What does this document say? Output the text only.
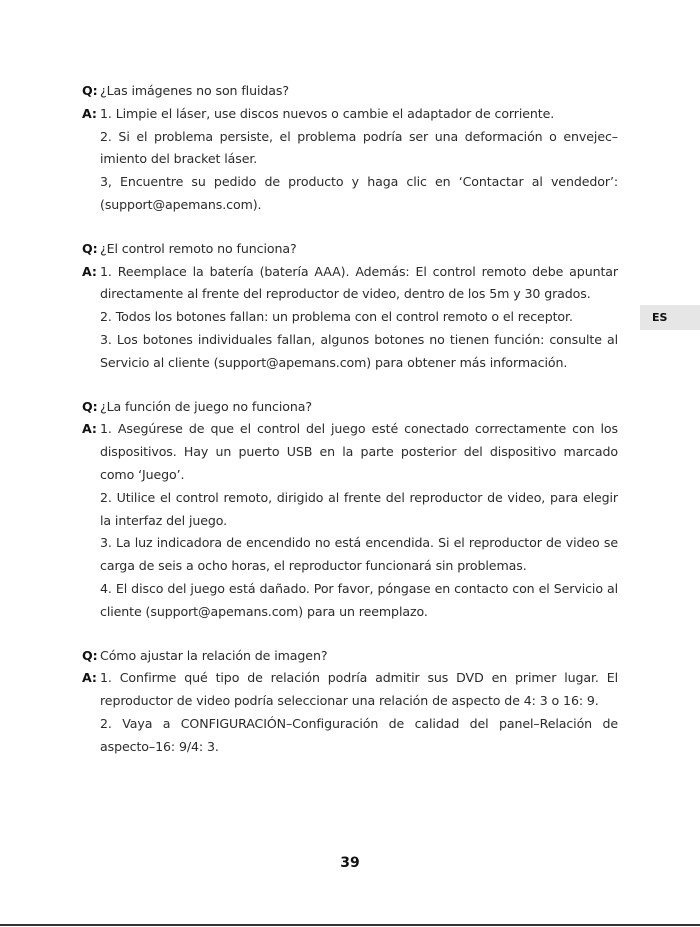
Q: ¿Las imágenes no son fluidas?
A: 1. Limpie el láser, use discos nuevos o cambie el adaptador de corriente.
2. Si el problema persiste, el problema podría ser una deformación o envejec–imiento del bracket láser.
3, Encuentre su pedido de producto y haga clic en ‘Contactar al vendedor’: (support@apemans.com).
Q: ¿El control remoto no funciona?
A: 1. Reemplace la batería (batería AAA). Además: El control remoto debe apuntar directamente al frente del reproductor de video, dentro de los 5m y 30 grados.
2. Todos los botones fallan: un problema con el control remoto o el receptor.
3. Los botones individuales fallan, algunos botones no tienen función: consulte al Servicio al cliente (support@apemans.com) para obtener más información.
Q: ¿La función de juego no funciona?
A: 1. Asegúrese de que el control del juego esté conectado correctamente con los dispositivos. Hay un puerto USB en la parte posterior del dispositivo marcado como ‘Juego’.
2. Utilice el control remoto, dirigido al frente del reproductor de video, para elegir la interfaz del juego.
3. La luz indicadora de encendido no está encendida. Si el reproductor de video se carga de seis a ocho horas, el reproductor funcionará sin problemas.
4. El disco del juego está dañado. Por favor, póngase en contacto con el Servicio al cliente (support@apemans.com) para un reemplazo.
Q: Cómo ajustar la relación de imagen?
A: 1. Confirme qué tipo de relación podría admitir sus DVD en primer lugar. El reproductor de video podría seleccionar una relación de aspecto de 4: 3 o 16: 9.
2. Vaya a CONFIGURACIÓN–Configuración de calidad del panel–Relación de aspecto–16: 9/4: 3.
ES
39
